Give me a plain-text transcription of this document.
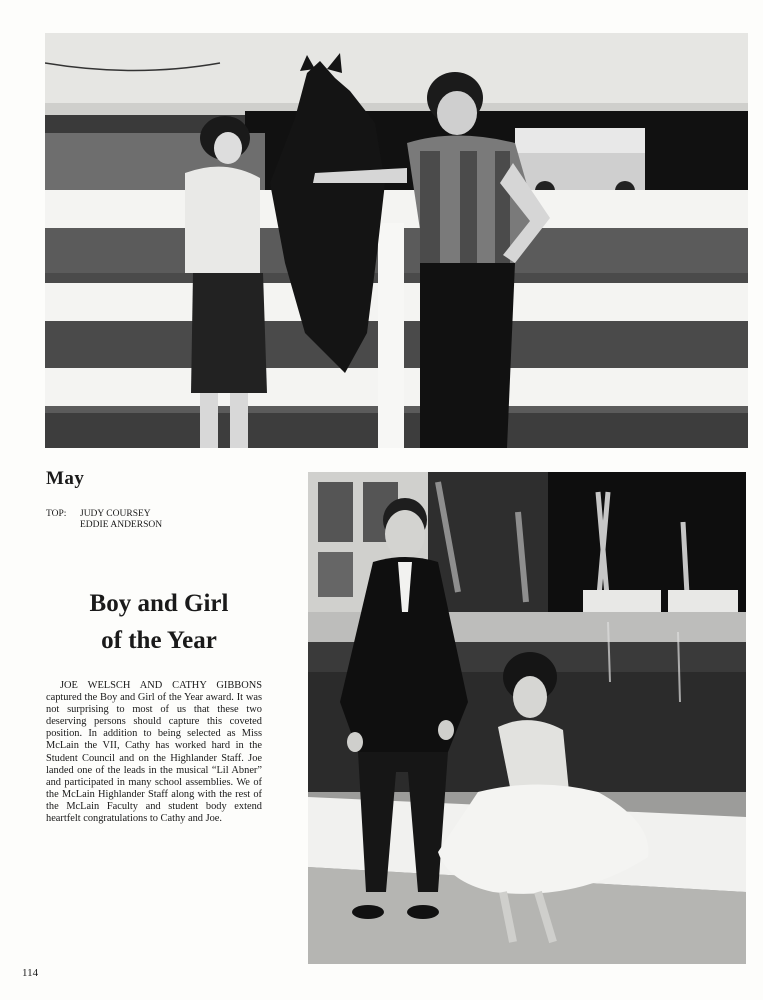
May
TOP: JUDY COURSEY
EDDIE ANDERSON
Boy and Girl
of the Year

JOE WELSCH AND CATHY GIBBONS captured the Boy and Girl of the Year award. It was not surprising to most of us that these two deserving persons should capture this coveted position. In addition to being selected as Miss McLain the VII, Cathy has worked hard in the Student Council and on the Highlander Staff. Joe landed one of the leads in the musical “Lil Abner” and participated in many school assemblies. We of the McLain Highlander Staff along with the rest of the McLain Faculty and student body extend heartfelt congratulations to Cathy and Joe.

114
